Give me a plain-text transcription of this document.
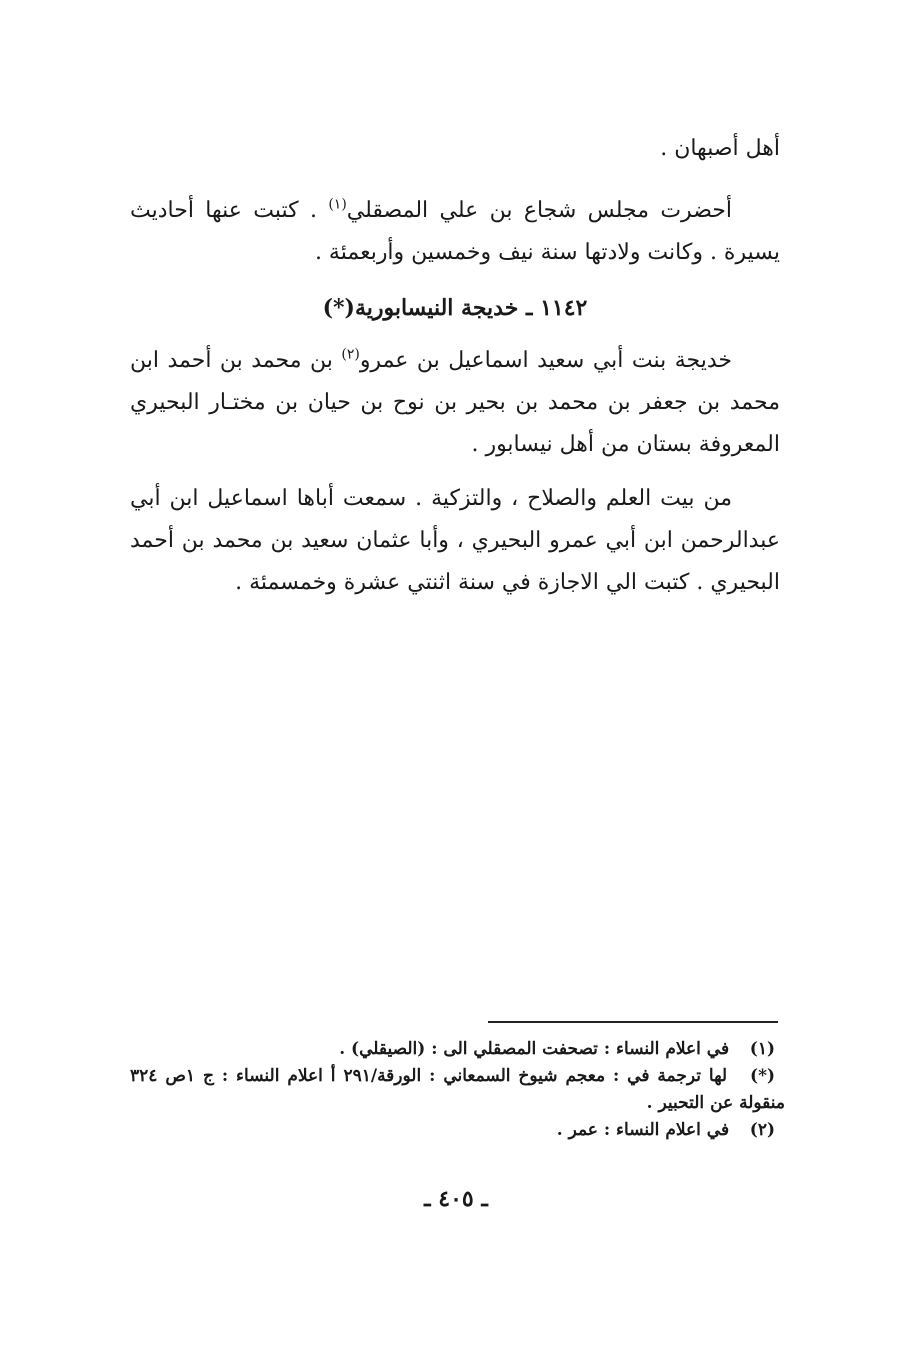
أهل أصبهان .

أحضرت مجلس شجاع بن علي المصقلي$^{(١)}$ . كتبت عنها أحاديث يسيرة . وكانت ولادتها سنة نيف وخمسين وأربعمئة .

١١٤٢ ـ خديجة النيسابورية(*)

خديجة بنت أبي سعيد اسماعيل بن عمرو$^{(٢)}$ بن محمد بن أحمد ابن محمد بن جعفر بن محمد بن بحير بن نوح بن حيان بن مختـار البحيري المعروفة بستان من أهل نيسابور .

من بيت العلم والصلاح ، والتزكية . سمعت أباها اسماعيل ابن أبي عبدالرحمن ابن أبي عمرو البحيري ، وأبا عثمان سعيد بن محمد بن أحمد البحيري . كتبت الي الاجازة في سنة اثنتي عشرة وخمسمئة .

(١) في اعلام النساء : تصحفت المصقلي الى : (الصيقلي) .

(*) لها ترجمة في : معجم شيوخ السمعاني : الورقة/٢٩١ أ اعلام النساء : ج ١ص ٣٢٤ منقولة عن التحبير .

(٢) في اعلام النساء : عمر .

ـ ٤٠٥ ـ
